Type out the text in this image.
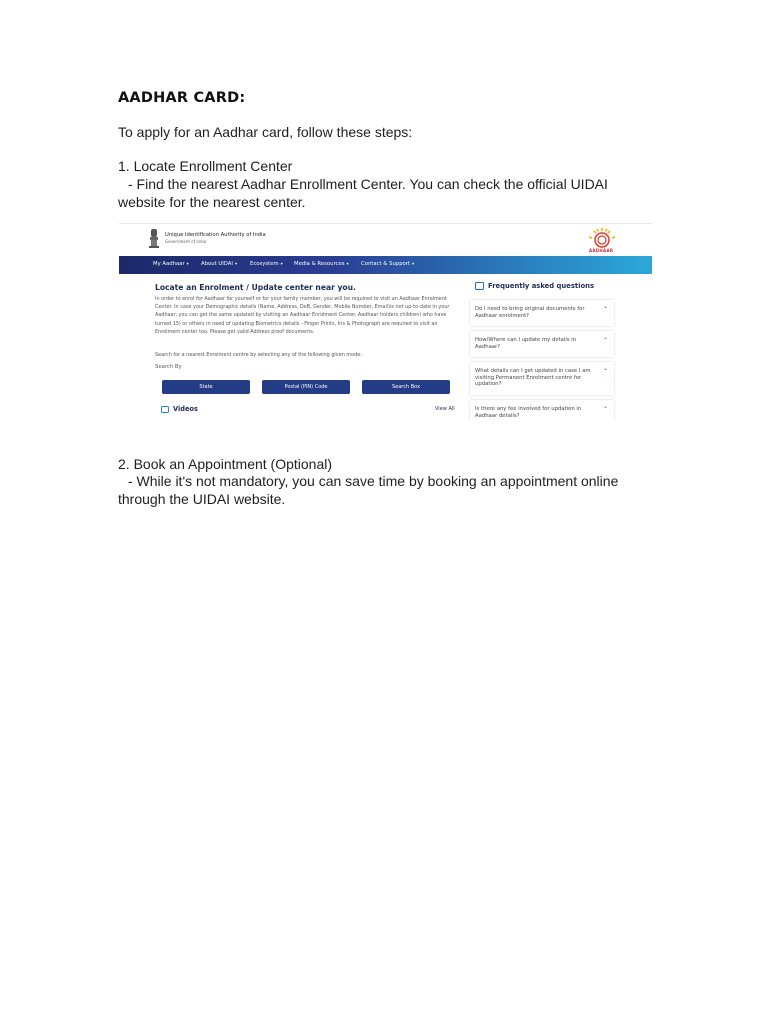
AADHAR CARD:
To apply for an Aadhar card, follow these steps:
1. Locate Enrollment Center
- Find the nearest Aadhar Enrollment Center. You can check the official UIDAI website for the nearest center.
Unique Identification Authority of India
Government of India
AADHAAR
My Aadhaar ▾ About UIDAI ▾ Ecosystem ▾ Media & Resources ▾ Contact & Support ▾
Locate an Enrolment / Update center near you.
In order to enrol for Aadhaar for yourself or for your family member, you will be required to visit an Aadhaar Enrolment Center. In case your Demographic details (Name, Address, DoB, Gender, Mobile Number, Email)is not up-to-date in your Aadhaar, you can get the same updated by visiting an Aadhaar Enrolment Center. Aadhaar holders children) who have turned 15) or others in need of updating Biometrics details - Finger Prints, Iris & Photograph are required to visit an Enrolment center too. Please get valid Address proof documents.
Search for a nearest Enrolment centre by selecting any of the following given mode:
Search By
State	Postal (PIN) Code	Search Box
Videos	View All
Frequently asked questions
Do I need to bring original documents for Aadhaar enrolment?
⌄
How/Where can I update my details in Aadhaar?
⌄
What details can I get updated in case I am visiting Permanent Enrolment centre for updation?
⌄
Is there any fee involved for updation in Aadhaar details?
⌄
2. Book an Appointment (Optional)
- While it's not mandatory, you can save time by booking an appointment online through the UIDAI website.
